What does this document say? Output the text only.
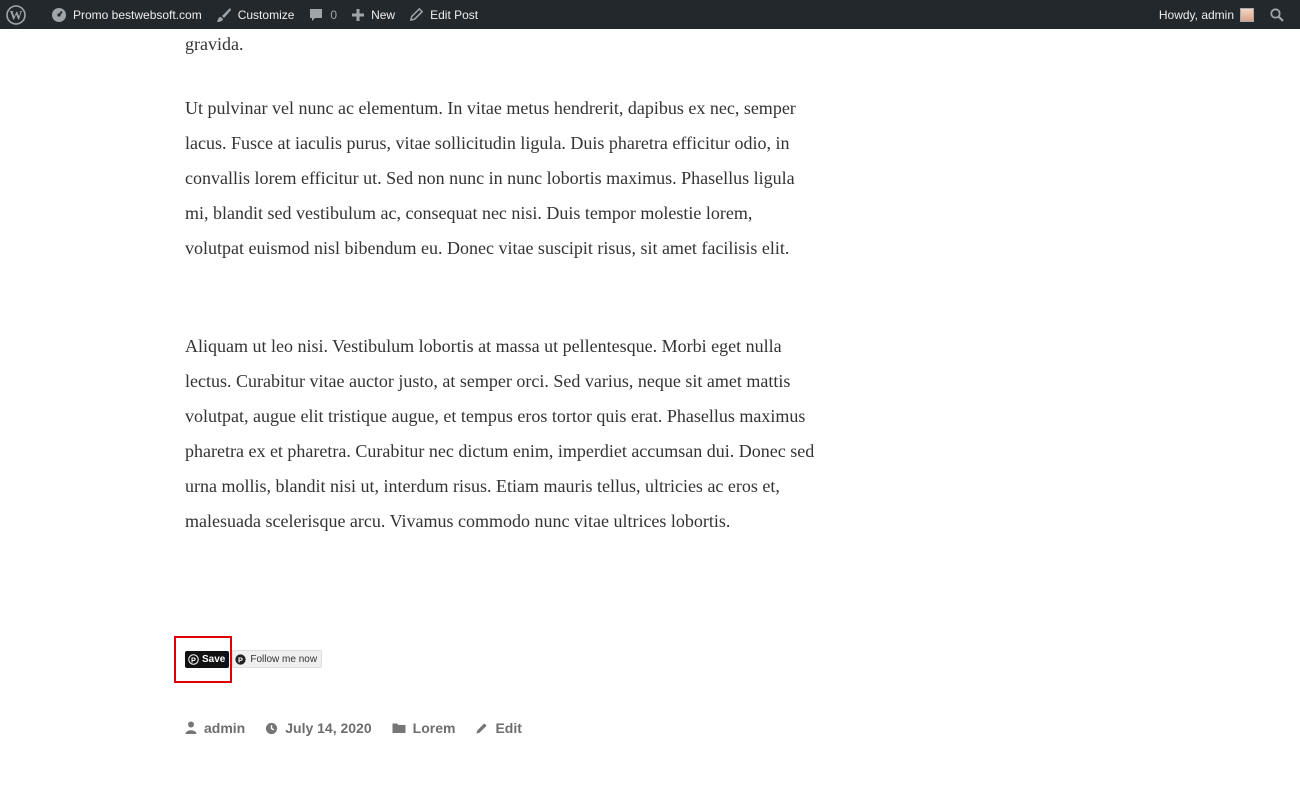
W	Promo bestwebsoft.com	Customize	0	New	Edit Post	Howdy, admin

gravida.

Ut pulvinar vel nunc ac elementum. In vitae metus hendrerit, dapibus ex nec, semper lacus. Fusce at iaculis purus, vitae sollicitudin ligula. Duis pharetra efficitur odio, in convallis lorem efficitur ut. Sed non nunc in nunc lobortis maximus. Phasellus ligula mi, blandit sed vestibulum ac, consequat nec nisi. Duis tempor molestie lorem, volutpat euismod nisl bibendum eu. Donec vitae suscipit risus, sit amet facilisis elit.

Aliquam ut leo nisi. Vestibulum lobortis at massa ut pellentesque. Morbi eget nulla lectus. Curabitur vitae auctor justo, at semper orci. Sed varius, neque sit amet mattis volutpat, augue elit tristique augue, et tempus eros tortor quis erat. Phasellus maximus pharetra ex et pharetra. Curabitur nec dictum enim, imperdiet accumsan dui. Donec sed urna mollis, blandit nisi ut, interdum risus. Etiam mauris tellus, ultricies ac eros et, malesuada scelerisque arcu. Vivamus commodo nunc vitae ultrices lobortis.

P Save P Follow me now
admin	July 14, 2020	Lorem	Edit
